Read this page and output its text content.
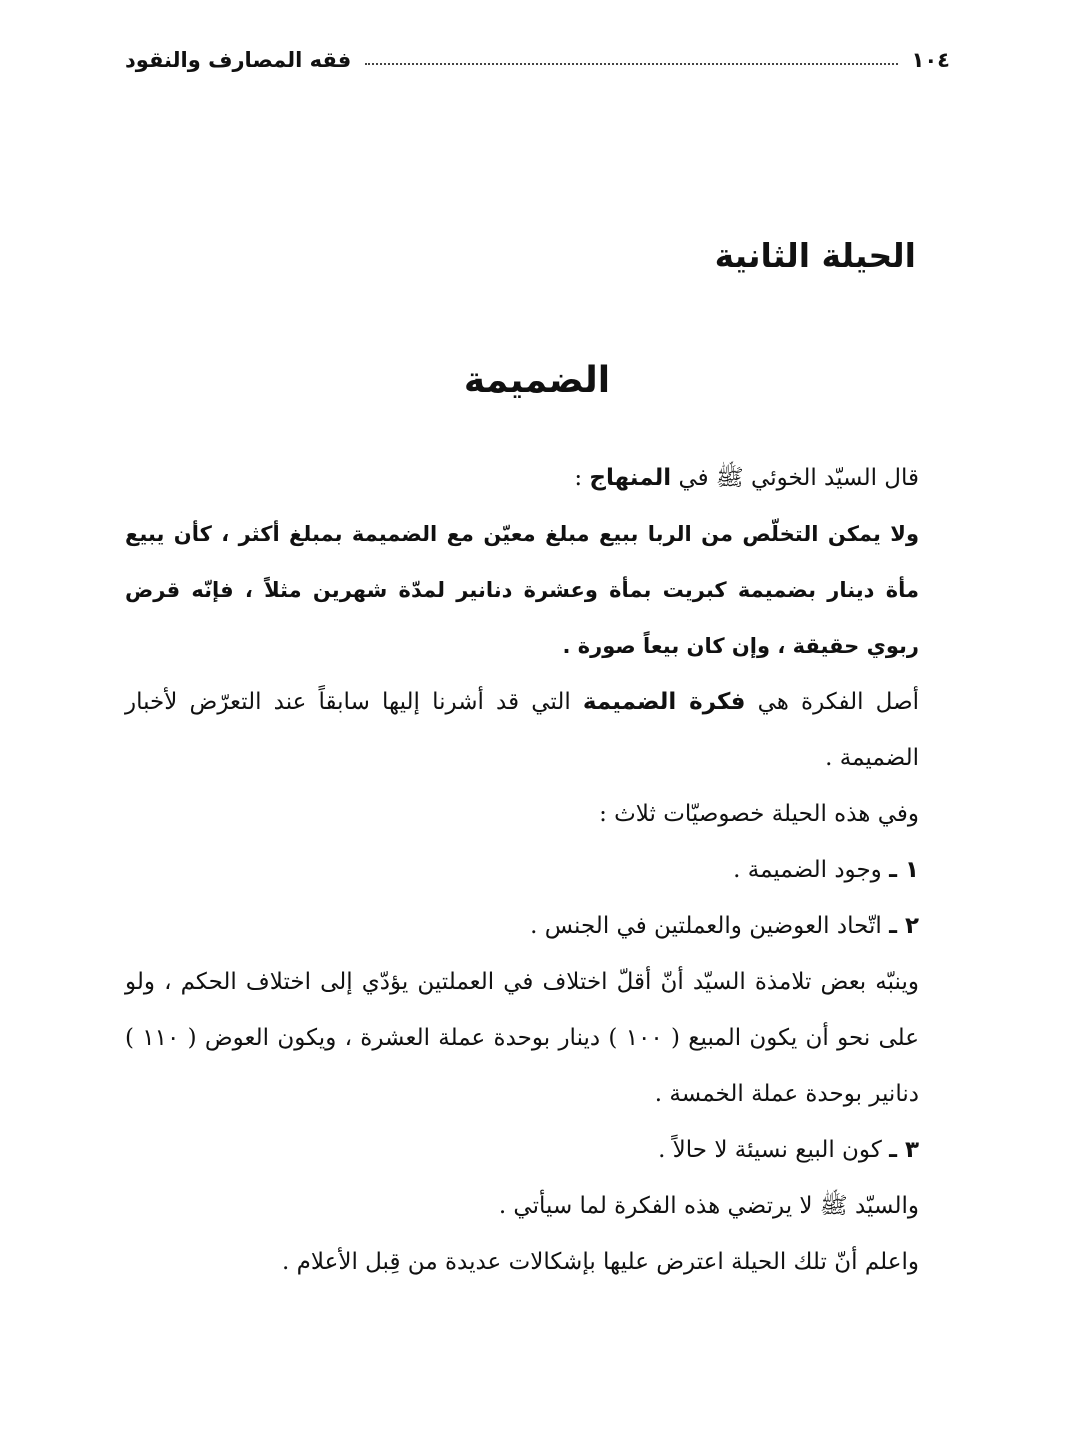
١٠٤
فقه المصارف والنقود
الحيلة الثانية
الضميمة

قال السيّد الخوئي ﷺ في المنهاج :

ولا يمكن التخلّص من الربا ببيع مبلغ معيّن مع الضميمة بمبلغ أكثر ، كأن يبيع مأة دينار بضميمة كبريت بمأة وعشرة دنانير لمدّة شهرين مثلاً ، فإنّه قرض ربوي حقيقة ، وإن كان بيعاً صورة .

أصل الفكرة هي فكرة الضميمة التي قد أشرنا إليها سابقاً عند التعرّض لأخبار الضميمة .

وفي هذه الحيلة خصوصيّات ثلاث :

١ ـ وجود الضميمة .

٢ ـ اتّحاد العوضين والعملتين في الجنس .

وينبّه بعض تلامذة السيّد أنّ أقلّ اختلاف في العملتين يؤدّي إلى اختلاف الحكم ، ولو على نحو أن يكون المبيع ( ١٠٠ ) دينار بوحدة عملة العشرة ، ويكون العوض ( ١١٠ ) دنانير بوحدة عملة الخمسة .

٣ ـ كون البيع نسيئة لا حالاً .

والسيّد ﷺ لا يرتضي هذه الفكرة لما سيأتي .

واعلم أنّ تلك الحيلة اعترض عليها بإشكالات عديدة من قِبل الأعلام .
